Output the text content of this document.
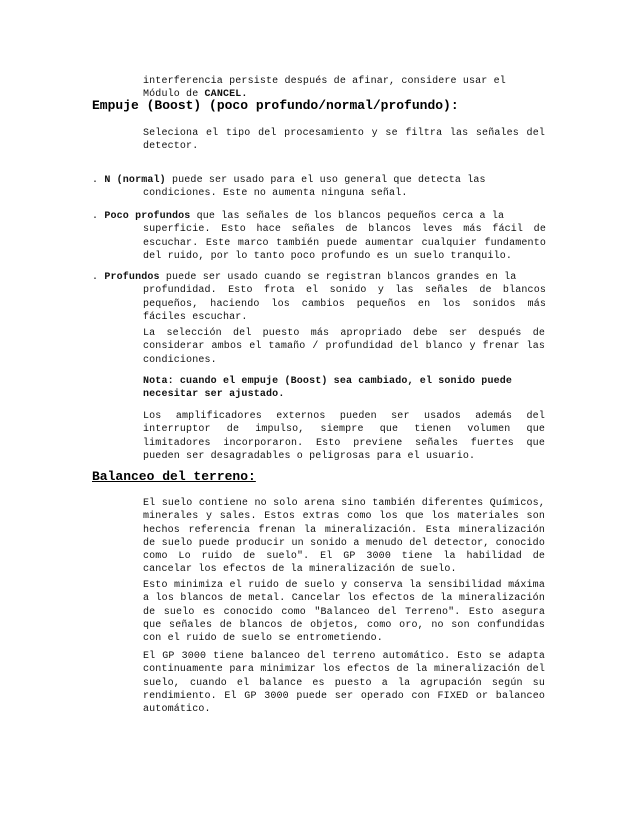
interferencia persiste después de afinar, considere usar el
Módulo de CANCEL.

Empuje (Boost) (poco profundo/normal/profundo):

Seleciona el tipo del procesamiento y se filtra las señales del detector.

. N (normal) puede ser usado para el uso general que detecta las
condiciones. Este no aumenta ninguna señal.

. Poco profundos que las señales de los blancos pequeños cerca a la
superficie. Esto hace señales de blancos leves más fácil de escuchar. Este marco también puede aumentar cualquier fundamento del ruido, por lo tanto poco profundo es un suelo tranquilo.

. Profundos puede ser usado cuando se registran blancos grandes en la
profundidad. Esto frota el sonido y las señales de blancos pequeños, haciendo los cambios pequeños en los sonidos más fáciles escuchar.

La selección del puesto más apropriado debe ser después de considerar ambos el tamaño / profundidad del blanco y frenar las condiciones.

Nota: cuando el empuje (Boost) sea cambiado, el sonido puede necesitar ser ajustado.

Los amplificadores externos pueden ser usados además del interruptor de impulso, siempre que tienen volumen que limitadores incorporaron. Esto previene señales fuertes que pueden ser desagradables o peligrosas para el usuario.

Balanceo del terreno:

El suelo contiene no solo arena sino también diferentes Químicos, minerales y sales. Estos extras como los que los materiales son hechos referencia frenan la mineralización. Esta mineralización de suelo puede producir un sonido a menudo del detector, conocido como Lo ruido de suelo". El GP 3000 tiene la habilidad de cancelar los efectos de la mineralización de suelo.

Esto minimiza el ruido de suelo y conserva la sensibilidad máxima a los blancos de metal. Cancelar los efectos de la mineralización de suelo es conocido como "Balanceo del Terreno". Esto asegura que señales de blancos de objetos, como oro, no son confundidas con el ruido de suelo se entrometiendo.

El GP 3000 tiene balanceo del terreno automático. Esto se adapta continuamente para minimizar los efectos de la mineralización del suelo, cuando el balance es puesto a la agrupación según su rendimiento. El GP 3000 puede ser operado con FIXED or balanceo automático.
